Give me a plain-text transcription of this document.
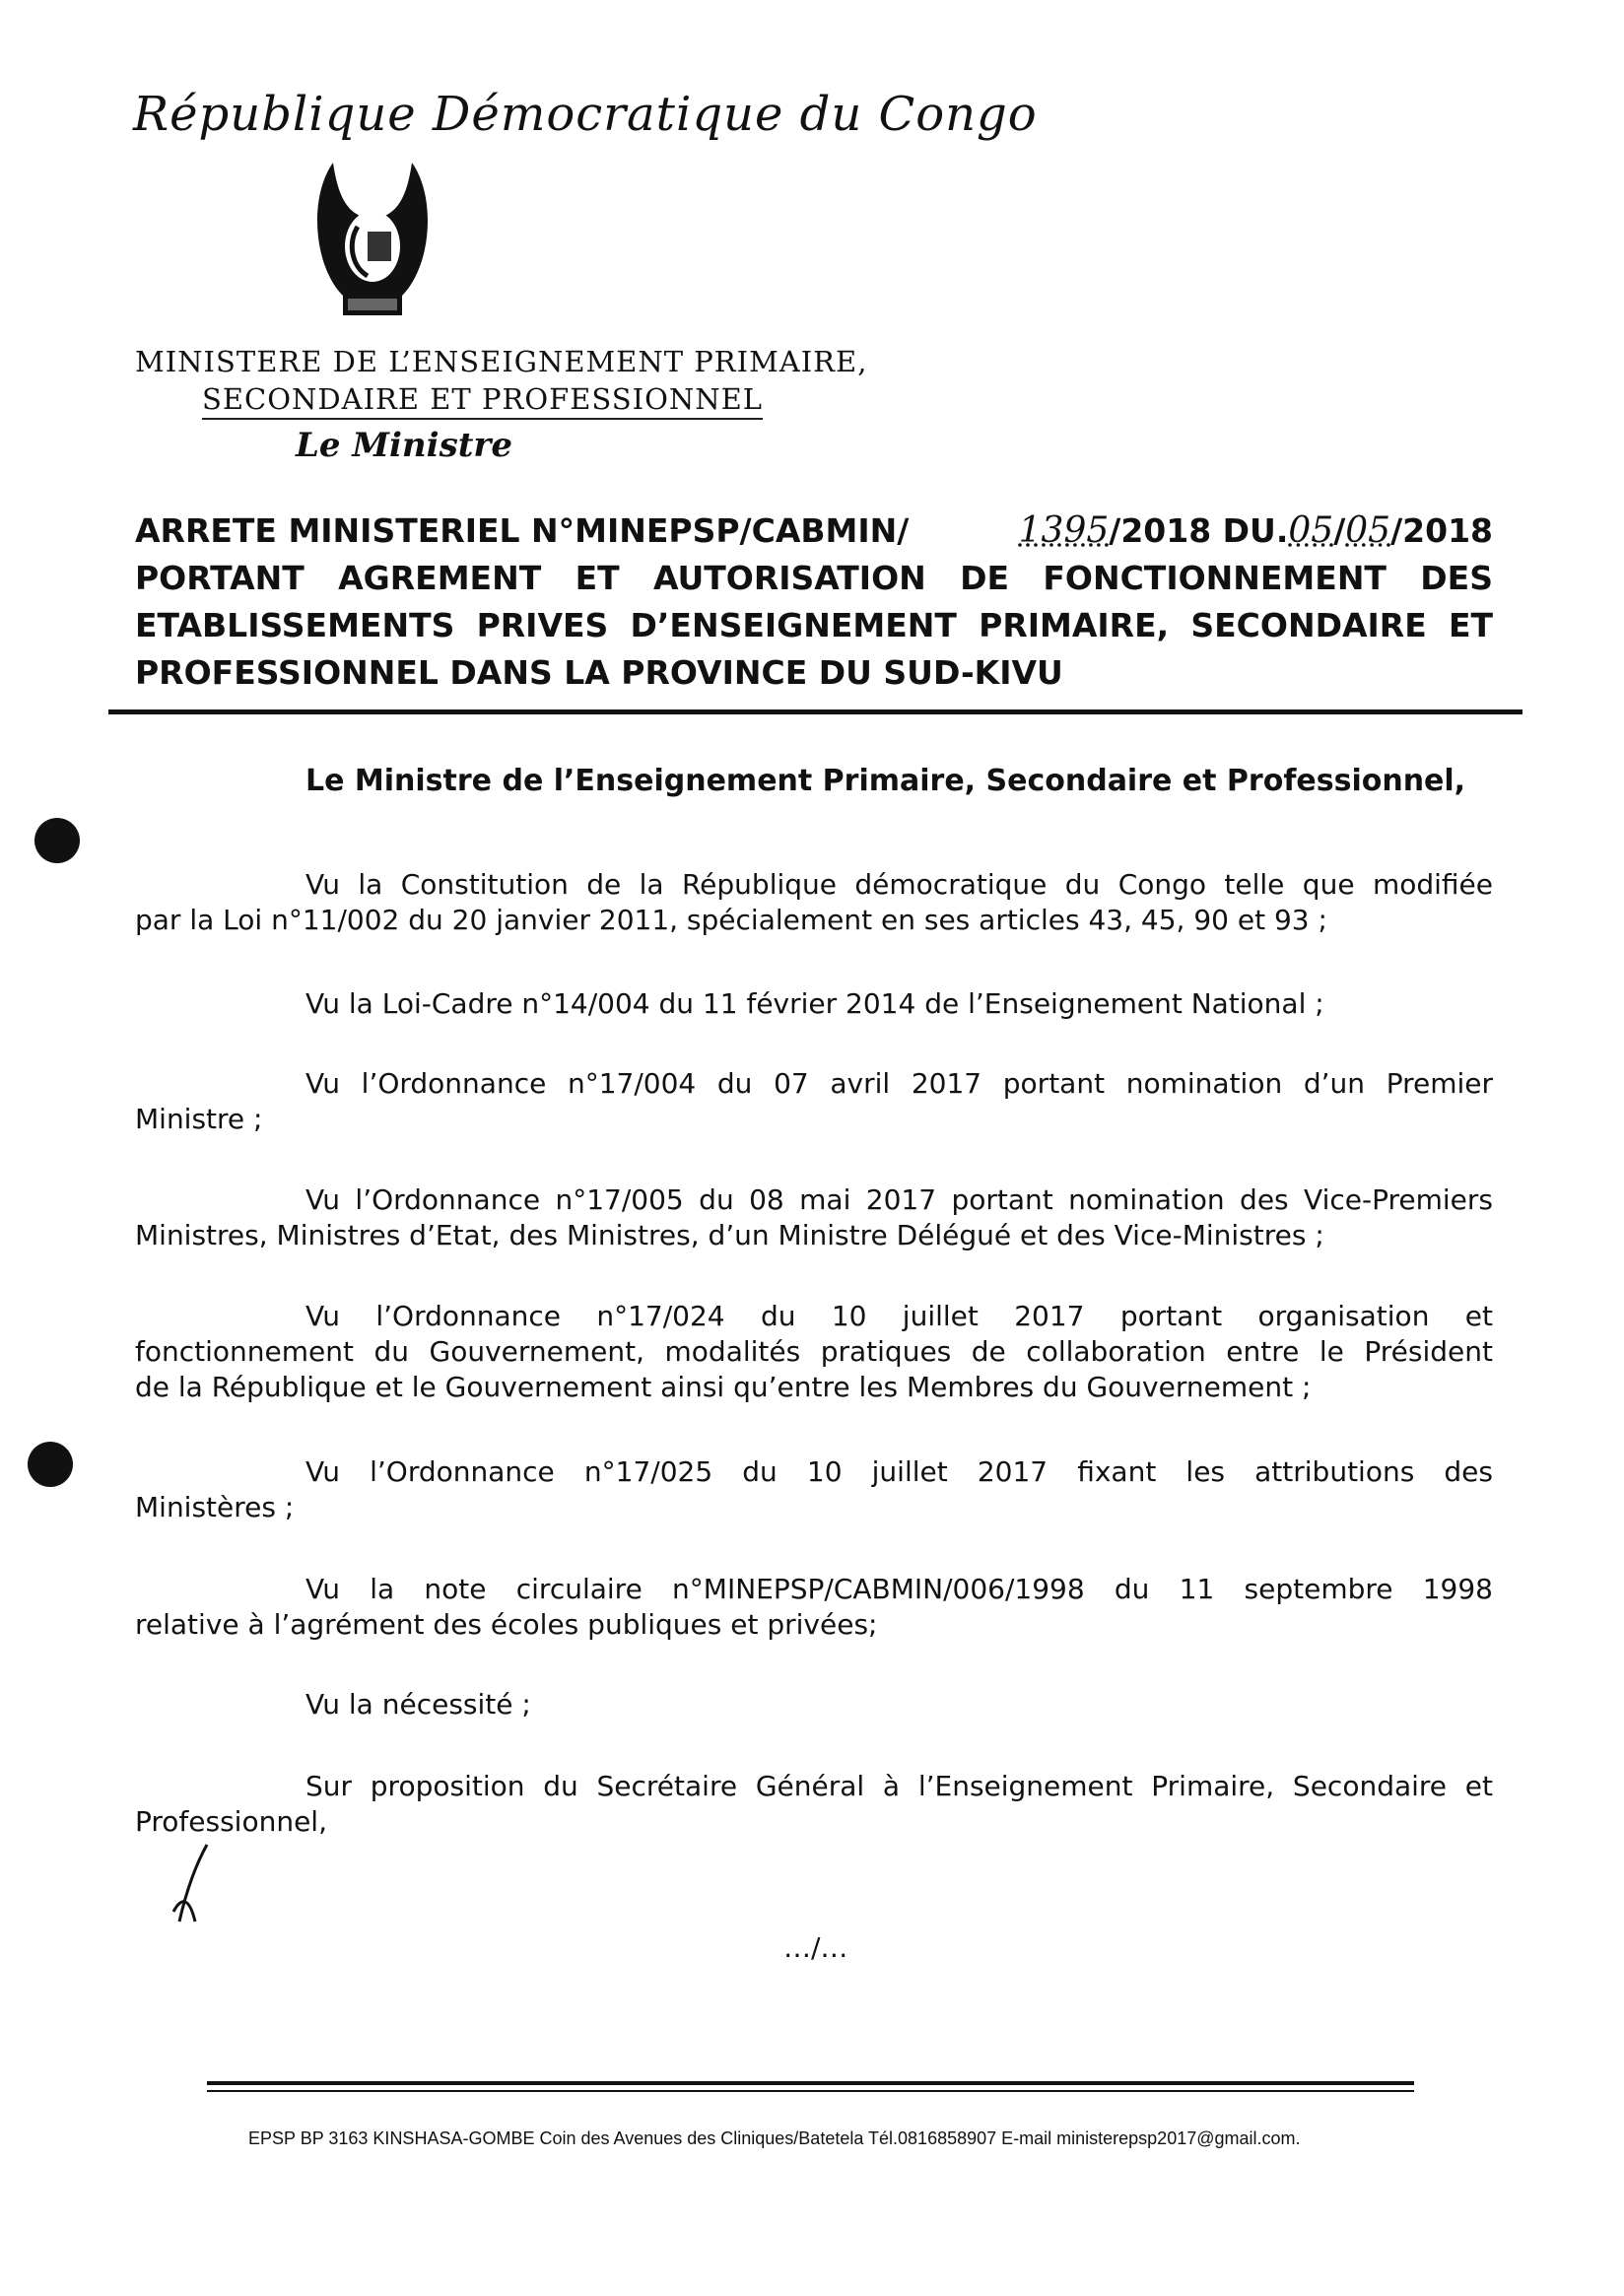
République Démocratique du Congo
MINISTERE DE L’ENSEIGNEMENT PRIMAIRE,
SECONDAIRE ET PROFESSIONNEL
Le Ministre
ARRETE MINISTERIEL N°MINEPSP/CABMIN/	1395/2018 DU.05/05/2018
PORTANT AGREMENT ET AUTORISATION DE FONCTIONNEMENT DES
ETABLISSEMENTS PRIVES D’ENSEIGNEMENT PRIMAIRE, SECONDAIRE ET
PROFESSIONNEL DANS LA PROVINCE DU SUD-KIVU
Le Ministre de l’Enseignement Primaire, Secondaire et Professionnel,
Vu la Constitution de la République démocratique du Congo telle que modifiée
par la Loi n°11/002 du 20 janvier 2011, spécialement en ses articles 43, 45, 90 et 93 ;
Vu la Loi-Cadre n°14/004 du 11 février 2014 de l’Enseignement National ;
Vu l’Ordonnance n°17/004 du 07 avril 2017 portant nomination d’un Premier
Ministre ;
Vu l’Ordonnance n°17/005 du 08 mai 2017 portant nomination des Vice-Premiers
Ministres, Ministres d’Etat, des Ministres, d’un Ministre Délégué et des Vice-Ministres ;
Vu l’Ordonnance n°17/024 du 10 juillet 2017 portant organisation et
fonctionnement du Gouvernement, modalités pratiques de collaboration entre le Président
de la République et le Gouvernement ainsi qu’entre les Membres du Gouvernement ;
Vu l’Ordonnance n°17/025 du 10 juillet 2017 fixant les attributions des
Ministères ;
Vu la note circulaire n°MINEPSP/CABMIN/006/1998 du 11 septembre 1998
relative à l’agrément des écoles publiques et privées;
Vu la nécessité ;
Sur proposition du Secrétaire Général à l’Enseignement Primaire, Secondaire et
Professionnel,
…/…
EPSP BP 3163 KINSHASA-GOMBE Coin des Avenues des Cliniques/Batetela Tél.0816858907 E-mail ministerepsp2017@gmail.com.
